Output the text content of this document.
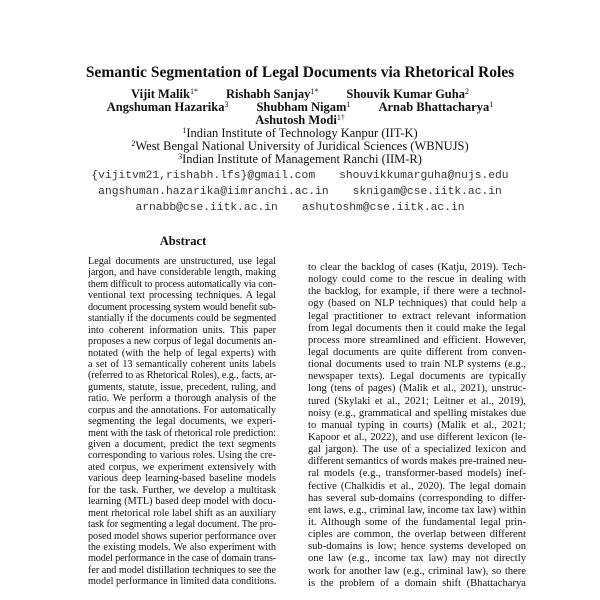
Semantic Segmentation of Legal Documents via Rhetorical Roles
Vijit Malik$^{1*}$ Rishabh Sanjay$^{1*}$ Shouvik Kumar Guha$^2$
Angshuman Hazarika$^3$ Shubham Nigam$^1$ Arnab Bhattacharya$^1$
Ashutosh Modi$^{1\dagger}$
$^1$Indian Institute of Technology Kanpur (IIT-K)
$^2$West Bengal National University of Juridical Sciences (WBNUJS)
$^3$Indian Institute of Management Ranchi (IIM-R)
{vijitvm21,rishabh.lfs}@gmail.com shouvikkumarguha@nujs.edu
angshuman.hazarika@iimranchi.ac.in sknigam@cse.iitk.ac.in
arnabb@cse.iitk.ac.in ashutoshm@cse.iitk.ac.in
Abstract
Legal documents are unstructured, use legal
jargon, and have considerable length, making
them difficult to process automatically via con-
ventional text processing techniques. A legal
document processing system would benefit sub-
stantially if the documents could be segmented
into coherent information units. This paper
proposes a new corpus of legal documents an-
notated (with the help of legal experts) with
a set of 13 semantically coherent units labels
(referred to as Rhetorical Roles), e.g., facts, ar-
guments, statute, issue, precedent, ruling, and
ratio. We perform a thorough analysis of the
corpus and the annotations. For automatically
segmenting the legal documents, we experi-
ment with the task of rhetorical role prediction:
given a document, predict the text segments
corresponding to various roles. Using the cre-
ated corpus, we experiment extensively with
various deep learning-based baseline models
for the task. Further, we develop a multitask
learning (MTL) based deep model with docu-
ment rhetorical role label shift as an auxiliary
task for segmenting a legal document. The pro-
posed model shows superior performance over
the existing models. We also experiment with
model performance in the case of domain trans-
fer and model distillation techniques to see the
model performance in limited data conditions.
to clear the backlog of cases (Katju, 2019). Tech-
nology could come to the rescue in dealing with
the backlog, for example, if there were a technol-
ogy (based on NLP techniques) that could help a
legal practitioner to extract relevant information
from legal documents then it could make the legal
process more streamlined and efficient. However,
legal documents are quite different from conven-
tional documents used to train NLP systems (e.g.,
newspaper texts). Legal documents are typically
long (tens of pages) (Malik et al., 2021), unstruc-
tured (Skylaki et al., 2021; Leitner et al., 2019),
noisy (e.g., grammatical and spelling mistakes due
to manual typing in courts) (Malik et al., 2021;
Kapoor et al., 2022), and use different lexicon (le-
gal jargon). The use of a specialized lexicon and
different semantics of words makes pre-trained neu-
ral models (e.g., transformer-based models) inef-
fective (Chalkidis et al., 2020). The legal domain
has several sub-domains (corresponding to differ-
ent laws, e.g., criminal law, income tax law) within
it. Although some of the fundamental legal prin-
ciples are common, the overlap between different
sub-domains is low; hence systems developed on
one law (e.g., income tax law) may not directly
work for another law (e.g., criminal law), so there
is the problem of a domain shift (Bhattacharya
